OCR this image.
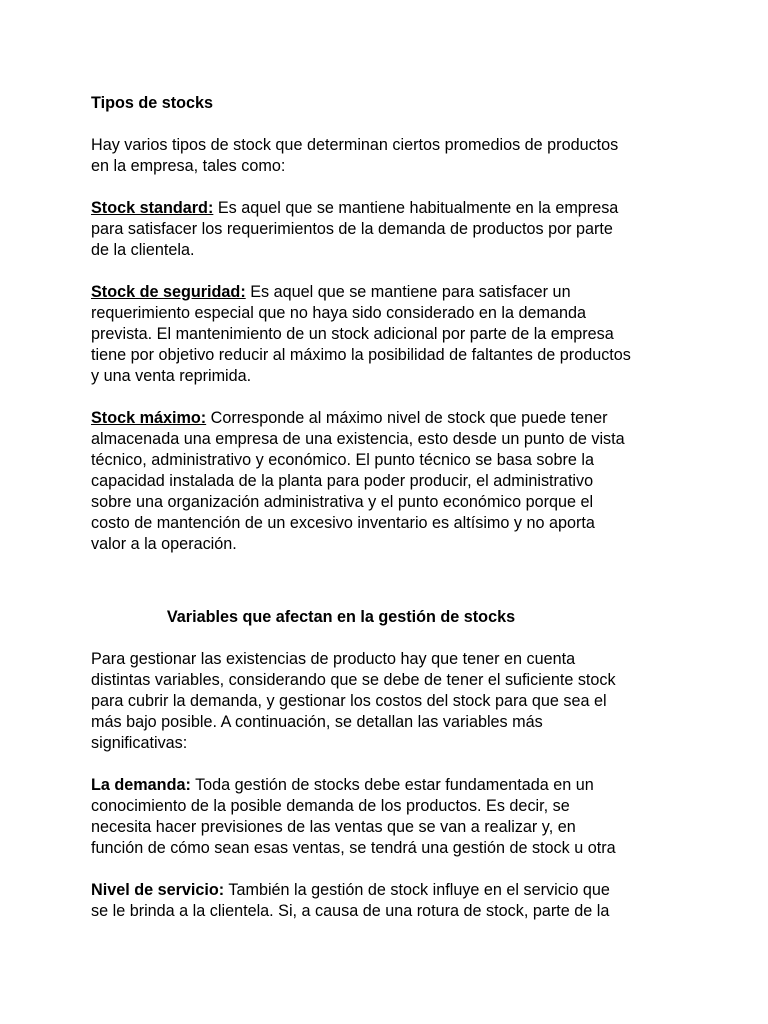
Tipos de stocks
Hay varios tipos de stock que determinan ciertos promedios de productos
en la empresa, tales como:
Stock standard: Es aquel que se mantiene habitualmente en la empresa
para satisfacer los requerimientos de la demanda de productos por parte
de la clientela.
Stock de seguridad: Es aquel que se mantiene para satisfacer un
requerimiento especial que no haya sido considerado en la demanda
prevista. El mantenimiento de un stock adicional por parte de la empresa
tiene por objetivo reducir al máximo la posibilidad de faltantes de productos
y una venta reprimida.
Stock máximo: Corresponde al máximo nivel de stock que puede tener
almacenada una empresa de una existencia, esto desde un punto de vista
técnico, administrativo y económico. El punto técnico se basa sobre la
capacidad instalada de la planta para poder producir, el administrativo
sobre una organización administrativa y el punto económico porque el
costo de mantención de un excesivo inventario es altísimo y no aporta
valor a la operación.
Variables que afectan en la gestión de stocks
Para gestionar las existencias de producto hay que tener en cuenta
distintas variables, considerando que se debe de tener el suficiente stock
para cubrir la demanda, y gestionar los costos del stock para que sea el
más bajo posible. A continuación, se detallan las variables más
significativas:
La demanda: Toda gestión de stocks debe estar fundamentada en un
conocimiento de la posible demanda de los productos. Es decir, se
necesita hacer previsiones de las ventas que se van a realizar y, en
función de cómo sean esas ventas, se tendrá una gestión de stock u otra
Nivel de servicio: También la gestión de stock influye en el servicio que
se le brinda a la clientela. Si, a causa de una rotura de stock, parte de la
